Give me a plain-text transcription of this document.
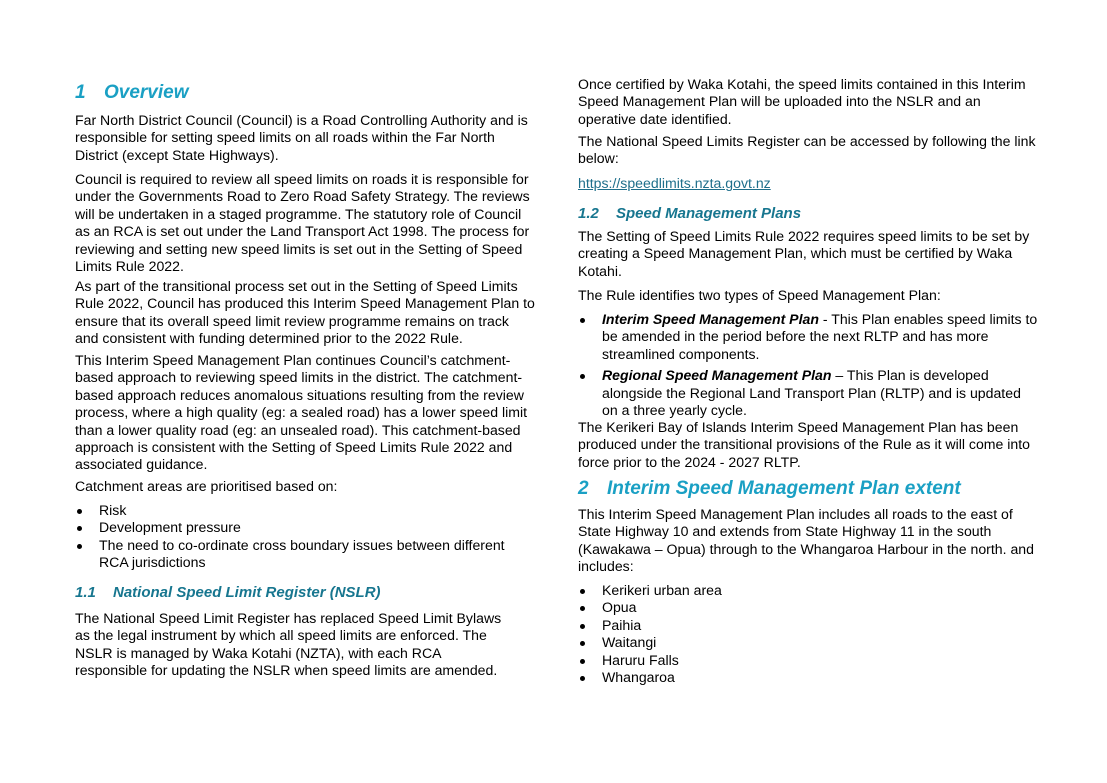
1 Overview

Far North District Council (Council) is a Road Controlling Authority and is responsible for setting speed limits on all roads within the Far North District (except State Highways).

Council is required to review all speed limits on roads it is responsible for under the Governments Road to Zero Road Safety Strategy. The reviews will be undertaken in a staged programme. The statutory role of Council as an RCA is set out under the Land Transport Act 1998. The process for reviewing and setting new speed limits is set out in the Setting of Speed Limits Rule 2022.

As part of the transitional process set out in the Setting of Speed Limits Rule 2022, Council has produced this Interim Speed Management Plan to ensure that its overall speed limit review programme remains on track and consistent with funding determined prior to the 2022 Rule.

This Interim Speed Management Plan continues Council’s catchment-based approach to reviewing speed limits in the district. The catchment-based approach reduces anomalous situations resulting from the review process, where a high quality (eg: a sealed road) has a lower speed limit than a lower quality road (eg: an unsealed road). This catchment-based approach is consistent with the Setting of Speed Limits Rule 2022 and associated guidance.

Catchment areas are prioritised based on:

Risk
Development pressure
The need to co-ordinate cross boundary issues between different RCA jurisdictions
1.1 National Speed Limit Register (NSLR)

The National Speed Limit Register has replaced Speed Limit Bylaws as the legal instrument by which all speed limits are enforced. The NSLR is managed by Waka Kotahi (NZTA), with each RCA responsible for updating the NSLR when speed limits are amended.

Once certified by Waka Kotahi, the speed limits contained in this Interim Speed Management Plan will be uploaded into the NSLR and an operative date identified.

The National Speed Limits Register can be accessed by following the link below:

https://speedlimits.nzta.govt.nz

1.2 Speed Management Plans

The Setting of Speed Limits Rule 2022 requires speed limits to be set by creating a Speed Management Plan, which must be certified by Waka Kotahi.

The Rule identifies two types of Speed Management Plan:

Interim Speed Management Plan - This Plan enables speed limits to be amended in the period before the next RLTP and has more streamlined components.
Regional Speed Management Plan – This Plan is developed alongside the Regional Land Transport Plan (RLTP) and is updated on a three yearly cycle.

The Kerikeri Bay of Islands Interim Speed Management Plan has been produced under the transitional provisions of the Rule as it will come into force prior to the 2024 - 2027 RLTP.

2 Interim Speed Management Plan extent

This Interim Speed Management Plan includes all roads to the east of State Highway 10 and extends from State Highway 11 in the south (Kawakawa – Opua) through to the Whangaroa Harbour in the north. and includes:

Kerikeri urban area
Opua
Paihia
Waitangi
Haruru Falls
Whangaroa
